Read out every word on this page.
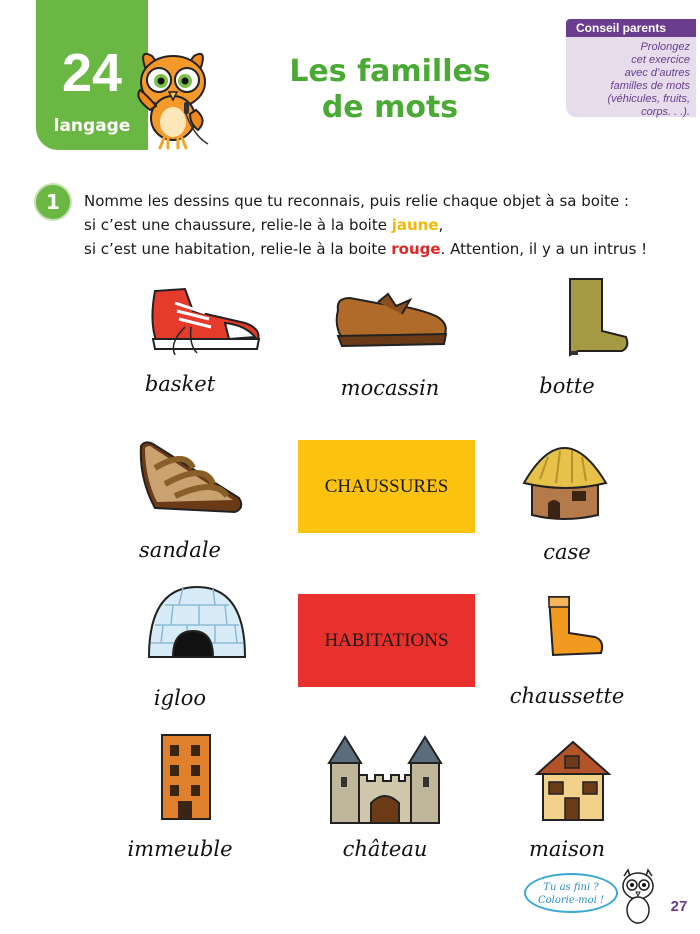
24
langage
Les familles
de mots
Conseil parents
Prolongez
cet exercice
avec d’autres
familles de mots
(véhicules, fruits,
corps. . .).
1	Nomme les dessins que tu reconnais, puis relie chaque objet à sa boite :
si c’est une chaussure, relie-le à la boite jaune,
si c’est une habitation, relie-le à la boite rouge. Attention, il y a un intrus !
basket	mocassin	botte
sandale
CHAUSSURES
case
igloo
HABITATIONS
chaussette
immeuble	château	maison
Tu as fini ?
Colorie-moi !	27
